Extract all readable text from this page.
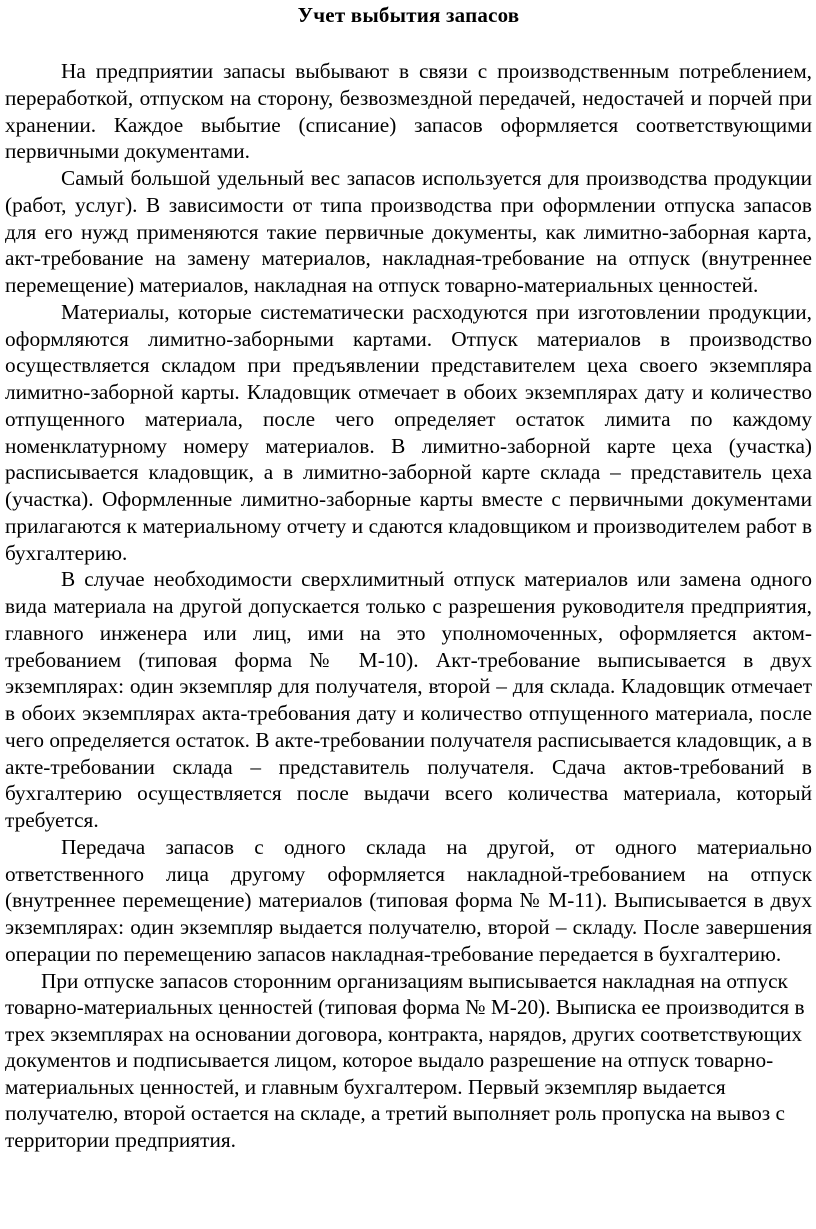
Учет выбытия запасов

На предприятии запасы выбывают в связи с производственным потреблением, переработкой, отпуском на сторону, безвозмездной передачей, недостачей и порчей при хранении. Каждое выбытие (списание) запасов оформляется соответствующими первичными документами.

Самый большой удельный вес запасов используется для производства продукции (работ, услуг). В зависимости от типа производства при оформлении отпуска запасов для его нужд применяются такие первичные документы, как лимитно-заборная карта, акт-требование на замену материалов, накладная-требование на отпуск (внутреннее перемещение) материалов, накладная на отпуск товарно-материальных ценностей.

Материалы, которые систематически расходуются при изготовлении продукции, оформляются лимитно-заборными картами. Отпуск материалов в производство осуществляется складом при предъявлении представителем цеха своего экземпляра лимитно-заборной карты. Кладовщик отмечает в обоих экземплярах дату и количество отпущенного материала, после чего определяет остаток лимита по каждому номенклатурному номеру материалов. В лимитно-заборной карте цеха (участка) расписывается кладовщик, а в лимитно-заборной карте склада – представитель цеха (участка). Оформленные лимитно-заборные карты вместе с первичными документами прилагаются к материальному отчету и сдаются кладовщиком и производителем работ в бухгалтерию.

В случае необходимости сверхлимитный отпуск материалов или замена одного вида материала на другой допускается только с разрешения руководителя предприятия, главного инженера или лиц, ими на это уполномоченных, оформляется актом-требованием (типовая форма № М-10). Акт-требование выписывается в двух экземплярах: один экземпляр для получателя, второй – для склада. Кладовщик отмечает в обоих экземплярах акта-требования дату и количество отпущенного материала, после чего определяется остаток. В акте-требовании получателя расписывается кладовщик, а в акте-требовании склада – представитель получателя. Сдача актов-требований в бухгалтерию осуществляется после выдачи всего количества материала, который требуется.

Передача запасов с одного склада на другой, от одного материально ответственного лица другому оформляется накладной-требованием на отпуск (внутреннее перемещение) материалов (типовая форма № М-11). Выписывается в двух экземплярах: один экземпляр выдается получателю, второй – складу. После завершения операции по перемещению запасов накладная-требование передается в бухгалтерию.

При отпуске запасов сторонним организациям выписывается накладная на отпуск товарно-материальных ценностей (типовая форма № М-20). Выписка ее производится в трех экземплярах на основании договора, контракта, нарядов, других соответствующих документов и подписывается лицом, которое выдало разрешение на отпуск товарно-материальных ценностей, и главным бухгалтером. Первый экземпляр выдается получателю, второй остается на складе, а третий выполняет роль пропуска на вывоз с территории предприятия.
